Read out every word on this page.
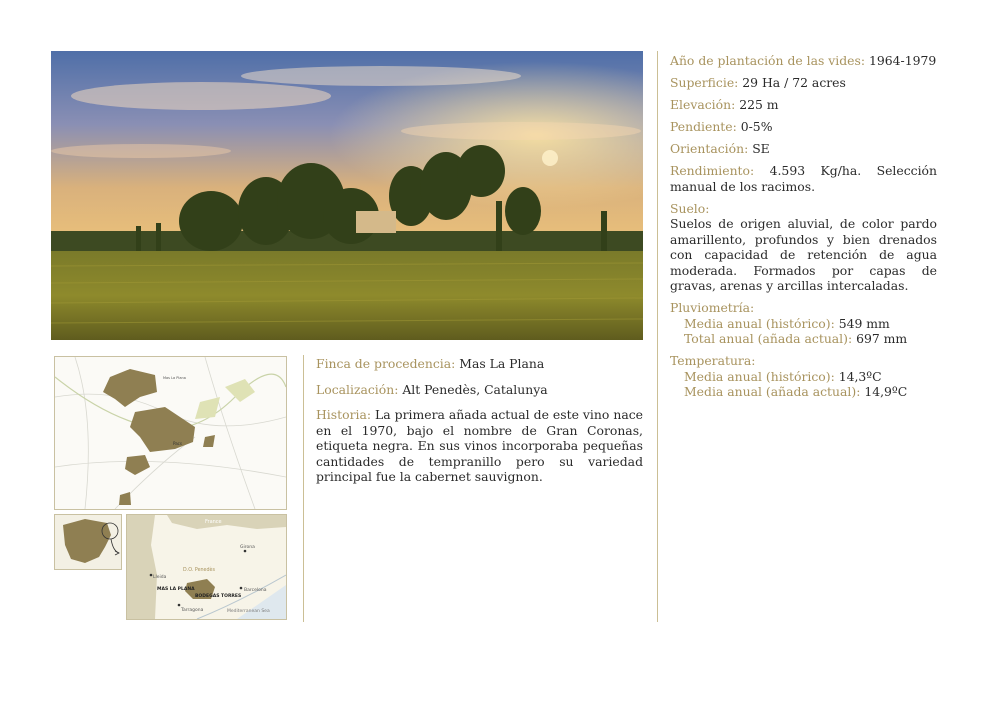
Mas La Plana
Pacs
France
D.O. Penedès
Girona
Lleida
Barcelona
Tarragona	Mediterranean Sea
MAS LA PLANA
BODEGAS TORRES
Finca de procedencia: Mas La Plana
Localización: Alt Penedès, Catalunya
Historia: La primera añada actual de este vino nace en el 1970, bajo el nombre de Gran Coronas, etiqueta negra. En sus vinos incorporaba pequeñas cantidades de tempranillo pero su variedad principal fue la cabernet sauvignon.
Año de plantación de las vides: 1964-1979
Superficie: 29 Ha / 72 acres
Elevación: 225 m
Pendiente: 0-5%
Orientación: SE
Rendimiento: 4.593 Kg/ha. Selección manual de los racimos.
Suelo:
Suelos de origen aluvial, de color pardo amarillento, profundos y bien drenados con capacidad de retención de agua moderada. Formados por capas de gravas, arenas y arcillas intercaladas.
Pluviometría:
Media anual (histórico): 549 mm
Total anual (añada actual): 697 mm
Temperatura:
Media anual (histórico): 14,3ºC
Media anual (añada actual): 14,9ºC
